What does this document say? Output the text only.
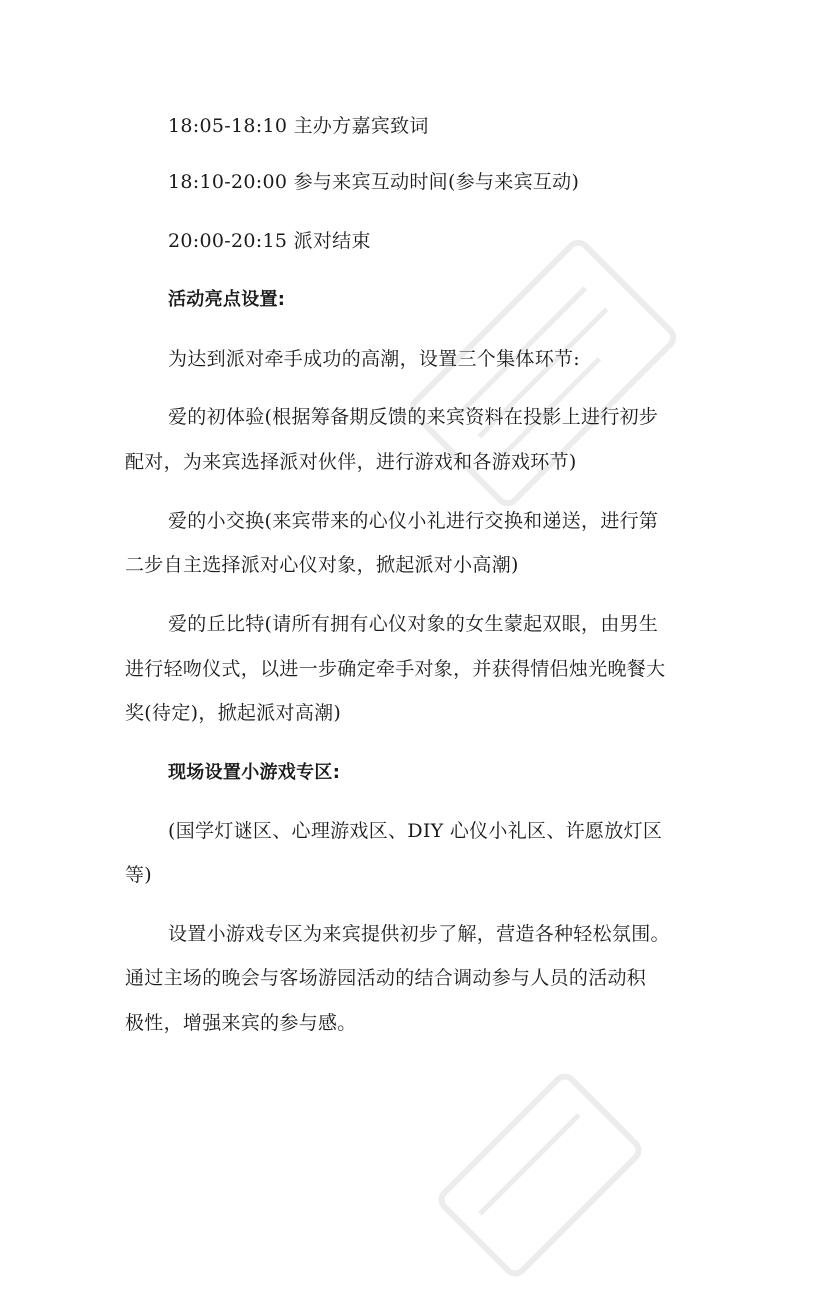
18:05-18:10 主办方嘉宾致词
18:10-20:00 参与来宾互动时间(参与来宾互动)
20:00-20:15 派对结束
活动亮点设置:
为达到派对牵手成功的高潮，设置三个集体环节:
爱的初体验(根据筹备期反馈的来宾资料在投影上进行初步
配对，为来宾选择派对伙伴，进行游戏和各游戏环节)
爱的小交换(来宾带来的心仪小礼进行交换和递送，进行第
二步自主选择派对心仪对象，掀起派对小高潮)
爱的丘比特(请所有拥有心仪对象的女生蒙起双眼，由男生
进行轻吻仪式，以进一步确定牵手对象，并获得情侣烛光晚餐大
奖(待定)，掀起派对高潮)
现场设置小游戏专区:
(国学灯谜区、心理游戏区、DIY 心仪小礼区、许愿放灯区
等)
设置小游戏专区为来宾提供初步了解，营造各种轻松氛围。
通过主场的晚会与客场游园活动的结合调动参与人员的活动积
极性，增强来宾的参与感。
